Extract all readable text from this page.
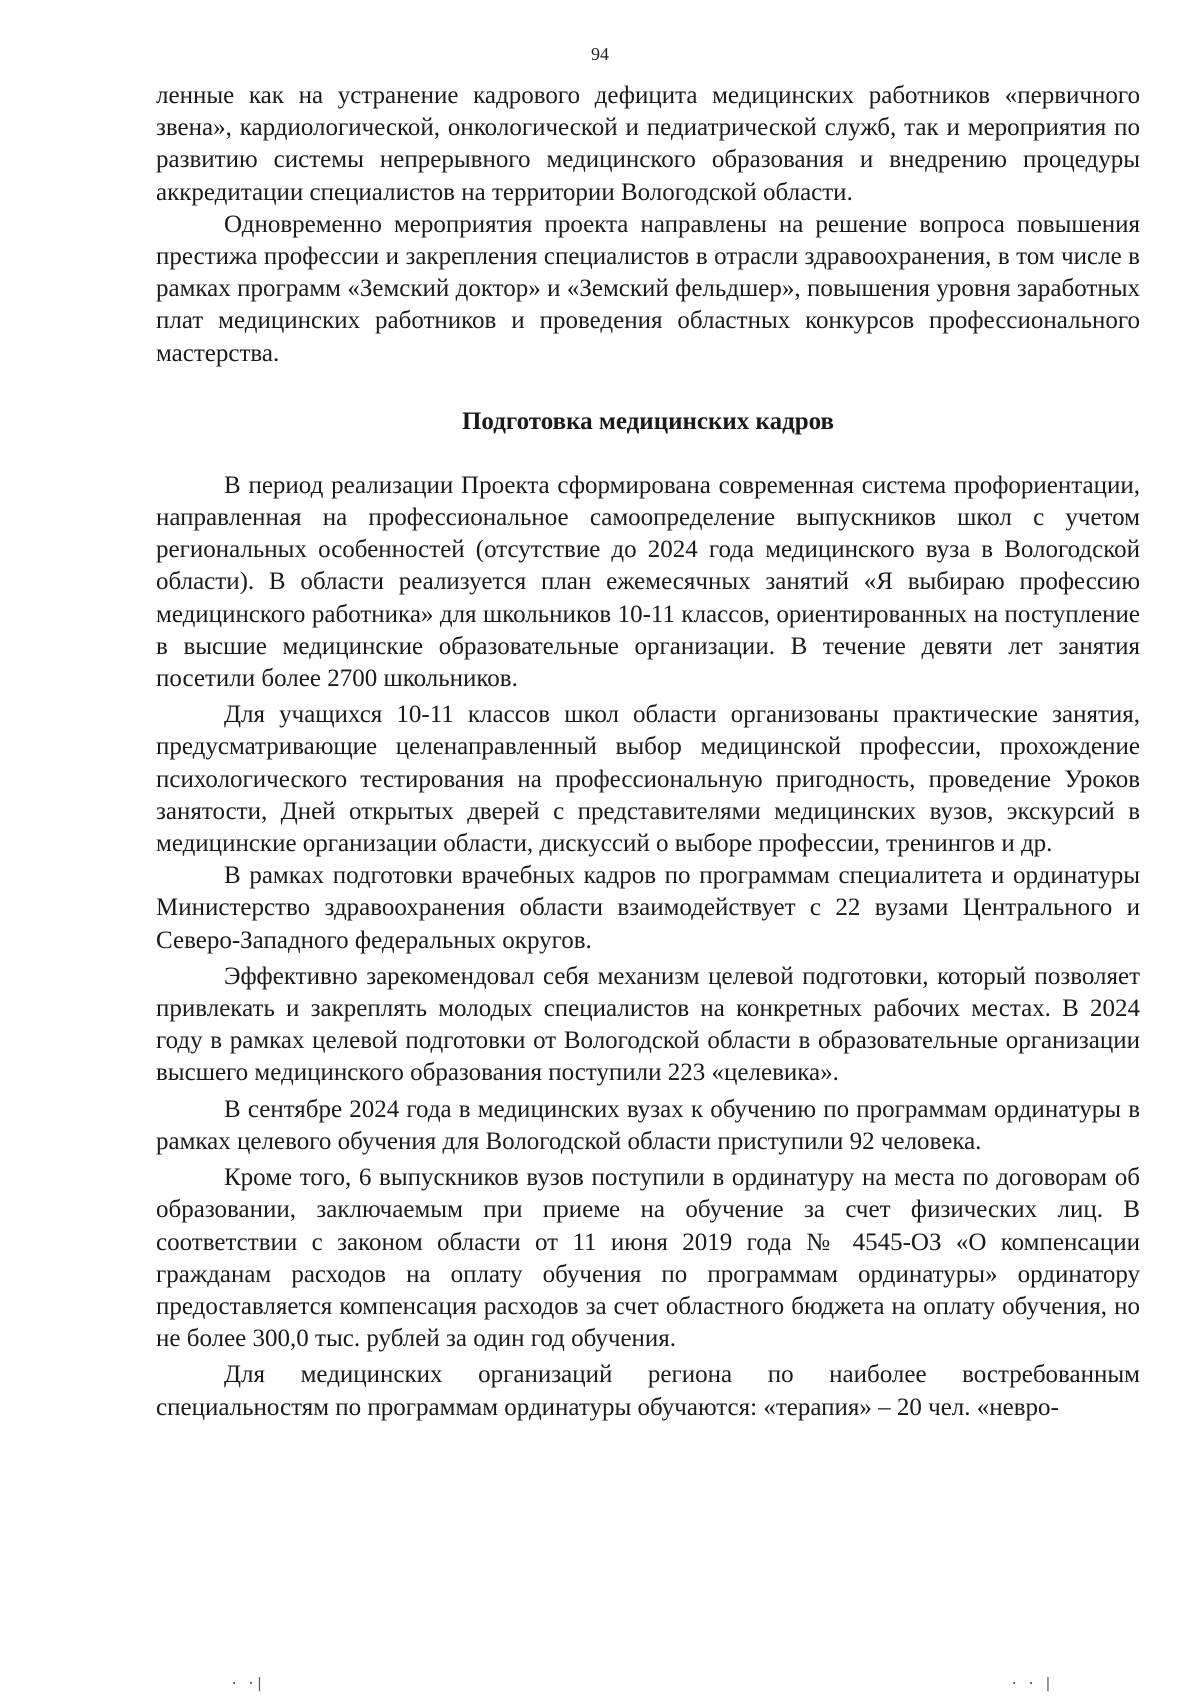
94

ленные как на устранение кадрового дефицита медицинских работников «первичного звена», кардиологической, онкологической и педиатрической служб, так и мероприятия по развитию системы непрерывного медицинского образования и внедрению процедуры аккредитации специалистов на территории Вологодской области.

Одновременно мероприятия проекта направлены на решение вопроса повышения престижа профессии и закрепления специалистов в отрасли здравоохранения, в том числе в рамках программ «Земский доктор» и «Земский фельдшер», повышения уровня заработных плат медицинских работников и проведения областных конкурсов профессионального мастерства.

Подготовка медицинских кадров

В период реализации Проекта сформирована современная система профориентации, направленная на профессиональное самоопределение выпускников школ с учетом региональных особенностей (отсутствие до 2024 года медицинского вуза в Вологодской области). В области реализуется план ежемесячных занятий «Я выбираю профессию медицинского работника» для школьников 10-11 классов, ориентированных на поступление в высшие медицинские образовательные организации. В течение девяти лет занятия посетили более 2700 школьников.

Для учащихся 10-11 классов школ области организованы практические занятия, предусматривающие целенаправленный выбор медицинской профессии, прохождение психологического тестирования на профессиональную пригодность, проведение Уроков занятости, Дней открытых дверей с представителями медицинских вузов, экскурсий в медицинские организации области, дискуссий о выборе профессии, тренингов и др.

В рамках подготовки врачебных кадров по программам специалитета и ординатуры Министерство здравоохранения области взаимодействует с 22 вузами Центрального и Северо-Западного федеральных округов.

Эффективно зарекомендовал себя механизм целевой подготовки, который позволяет привлекать и закреплять молодых специалистов на конкретных рабочих местах. В 2024 году в рамках целевой подготовки от Вологодской области в образовательные организации высшего медицинского образования поступили 223 «целевика».

В сентябре 2024 года в медицинских вузах к обучению по программам ординатуры в рамках целевого обучения для Вологодской области приступили 92 человека.

Кроме того, 6 выпускников вузов поступили в ординатуру на места по договорам об образовании, заключаемым при приеме на обучение за счет физических лиц. В соответствии с законом области от 11 июня 2019 года № 4545-ОЗ «О компенсации гражданам расходов на оплату обучения по программам ординатуры» ординатору предоставляется компенсация расходов за счет областного бюджета на оплату обучения, но не более 300,0 тыс. рублей за один год обучения.

Для медицинских организаций региона по наиболее востребованным специальностям по программам ординатуры обучаются: «терапия» – 20 чел. «невро-

· ·|	· · |
